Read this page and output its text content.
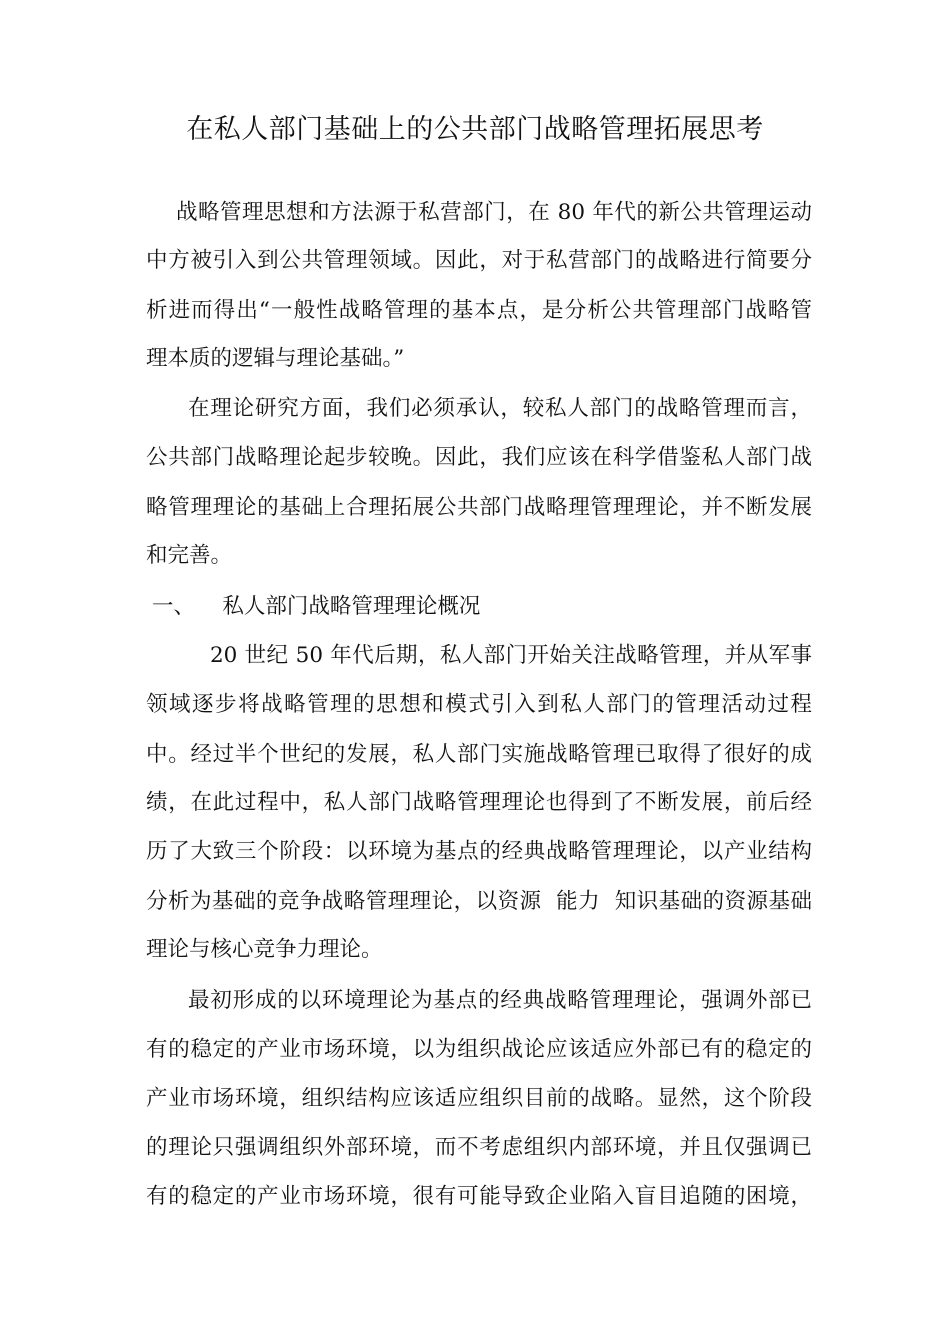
在私人部门基础上的公共部门战略管理拓展思考
战略管理思想和方法源于私营部门，在 80 年代的新公共管理运动
中方被引入到公共管理领域。因此，对于私营部门的战略进行简要分
析进而得出“一般性战略管理的基本点，是分析公共管理部门战略管
理本质的逻辑与理论基础。”
在理论研究方面，我们必须承认，较私人部门的战略管理而言，
公共部门战略理论起步较晚。因此，我们应该在科学借鉴私人部门战
略管理理论的基础上合理拓展公共部门战略理管理理论，并不断发展
和完善。
一、    私人部门战略管理理论概况
20 世纪 50 年代后期，私人部门开始关注战略管理，并从军事
领域逐步将战略管理的思想和模式引入到私人部门的管理活动过程
中。经过半个世纪的发展，私人部门实施战略管理已取得了很好的成
绩，在此过程中，私人部门战略管理理论也得到了不断发展，前后经
历了大致三个阶段：以环境为基点的经典战略管理理论，以产业结构
分析为基础的竞争战略管理理论，以资源  能力  知识基础的资源基础
理论与核心竞争力理论。
最初形成的以环境理论为基点的经典战略管理理论，强调外部已
有的稳定的产业市场环境，以为组织战论应该适应外部已有的稳定的
产业市场环境，组织结构应该适应组织目前的战略。显然，这个阶段
的理论只强调组织外部环境，而不考虑组织内部环境，并且仅强调已
有的稳定的产业市场环境，很有可能导致企业陷入盲目追随的困境，
